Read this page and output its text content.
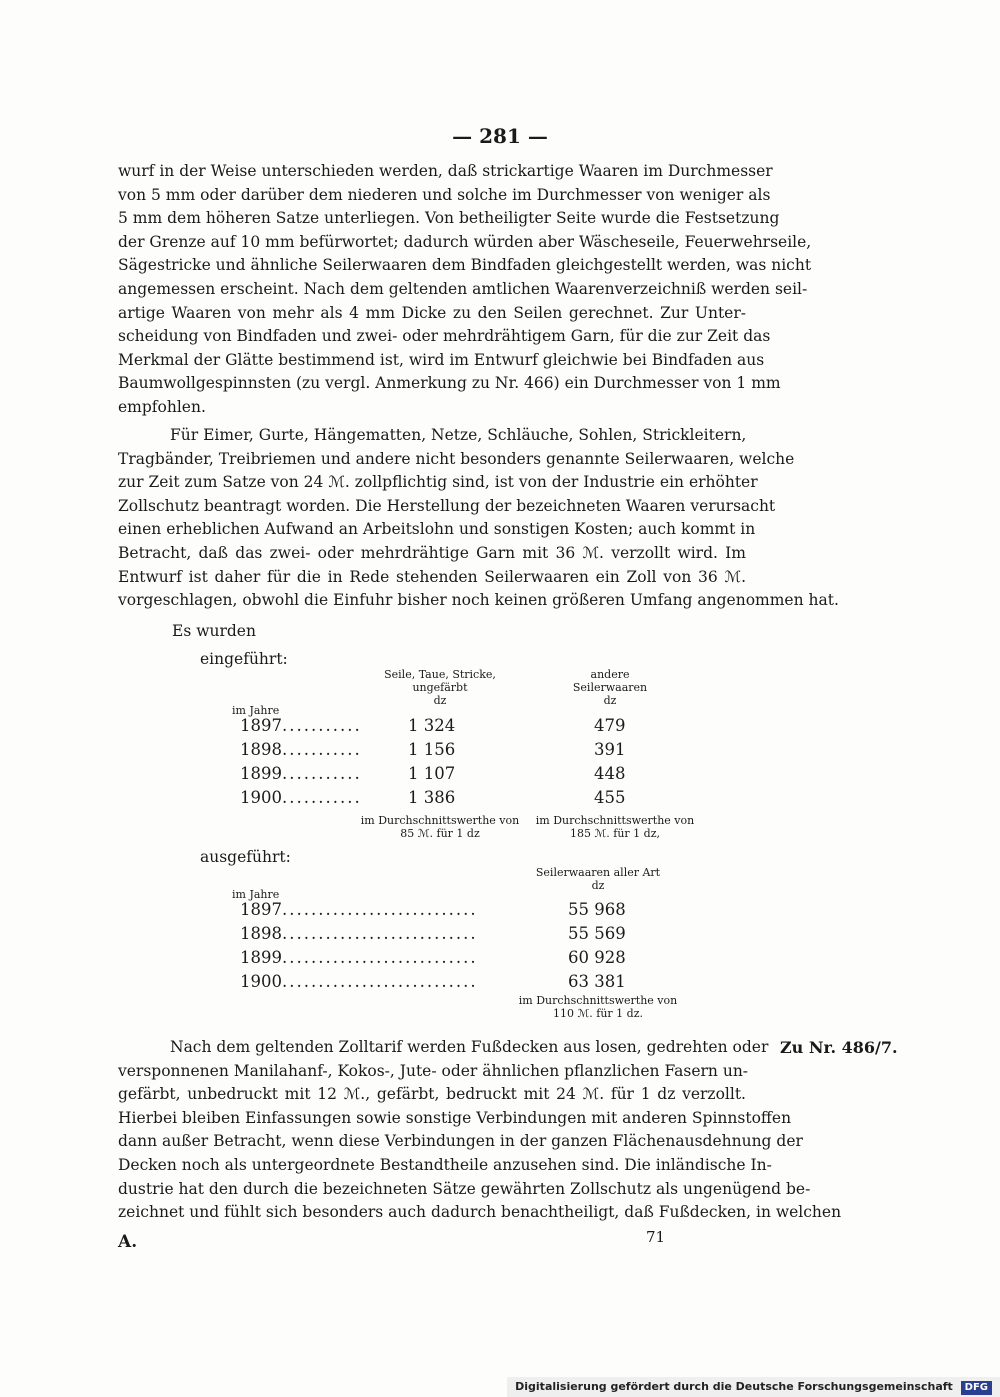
— 281 —
wurf in der Weise unterschieden werden, daß strickartige Waaren im Durchmesser
von 5 mm oder darüber dem niederen und solche im Durchmesser von weniger als
5 mm dem höheren Satze unterliegen. Von betheiligter Seite wurde die Festsetzung
der Grenze auf 10 mm befürwortet; dadurch würden aber Wäscheseile, Feuerwehrseile,
Sägestricke und ähnliche Seilerwaaren dem Bindfaden gleichgestellt werden, was nicht
angemessen erscheint. Nach dem geltenden amtlichen Waarenverzeichniß werden seil-
artige Waaren von mehr als 4 mm Dicke zu den Seilen gerechnet. Zur Unter-
scheidung von Bindfaden und zwei- oder mehrdrähtigem Garn, für die zur Zeit das
Merkmal der Glätte bestimmend ist, wird im Entwurf gleichwie bei Bindfaden aus
Baumwollgespinnsten (zu vergl. Anmerkung zu Nr. 466) ein Durchmesser von 1 mm
empfohlen.
Für Eimer, Gurte, Hängematten, Netze, Schläuche, Sohlen, Strickleitern,
Tragbänder, Treibriemen und andere nicht besonders genannte Seilerwaaren, welche
zur Zeit zum Satze von 24 ℳ. zollpflichtig sind, ist von der Industrie ein erhöhter
Zollschutz beantragt worden. Die Herstellung der bezeichneten Waaren verursacht
einen erheblichen Aufwand an Arbeitslohn und sonstigen Kosten; auch kommt in
Betracht, daß das zwei- oder mehrdrähtige Garn mit 36 ℳ. verzollt wird. Im
Entwurf ist daher für die in Rede stehenden Seilerwaaren ein Zoll von 36 ℳ.
vorgeschlagen, obwohl die Einfuhr bisher noch keinen größeren Umfang angenommen hat.
Es wurden
eingeführt:
Seile, Taue, Stricke,
ungefärbt
dz
andere
Seilerwaaren
dz
im Jahre
1897...........	1 324	479
1898...........	1 156	391
1899...........	1 107	448
1900...........	1 386	455
im Durchschnittswerthe von
85 ℳ. für 1 dz
im Durchschnittswerthe von
185 ℳ. für 1 dz,
ausgeführt:
Seilerwaaren aller Art
dz
im Jahre
1897...........................	55 968
1898...........................	55 569
1899...........................	60 928
1900...........................	63 381
im Durchschnittswerthe von
110 ℳ. für 1 dz.
Nach dem geltenden Zolltarif werden Fußdecken aus losen, gedrehten oder
versponnenen Manilahanf-, Kokos-, Jute- oder ähnlichen pflanzlichen Fasern un-
gefärbt, unbedruckt mit 12 ℳ., gefärbt, bedruckt mit 24 ℳ. für 1 dz verzollt.
Hierbei bleiben Einfassungen sowie sonstige Verbindungen mit anderen Spinnstoffen
dann außer Betracht, wenn diese Verbindungen in der ganzen Flächenausdehnung der
Decken noch als untergeordnete Bestandtheile anzusehen sind. Die inländische In-
dustrie hat den durch die bezeichneten Sätze gewährten Zollschutz als ungenügend be-
zeichnet und fühlt sich besonders auch dadurch benachtheiligt, daß Fußdecken, in welchen
Zu Nr. 486/7.
A.	71
Digitalisierung gefördert durch die Deutsche Forschungsgemeinschaft DFG
